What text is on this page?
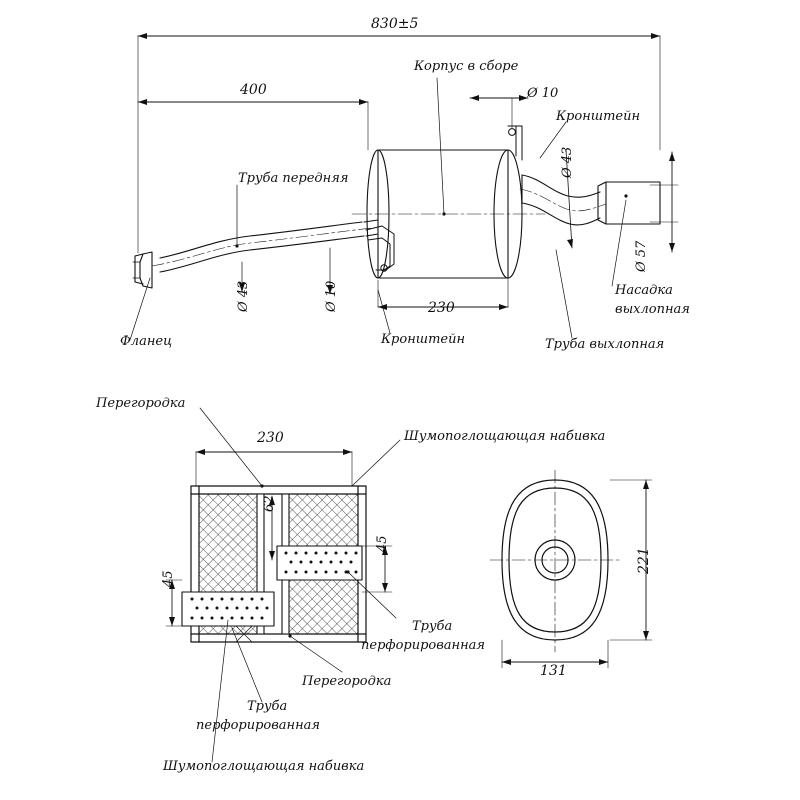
830±5
400
230
Ø 43	Ø 10
Ø 10
Ø 43
Ø 57
Корпус в сборе
Труба передняя
Фланец	Кронштейн
Кронштейн
Насадка
выхлопная
Труба выхлопная
230
62
45
45
Перегородка
Шумопоглощающая набивка
Труба
перфорированная
Перегородка
Труба
перфорированная
Шумопоглощающая набивка
221
131
